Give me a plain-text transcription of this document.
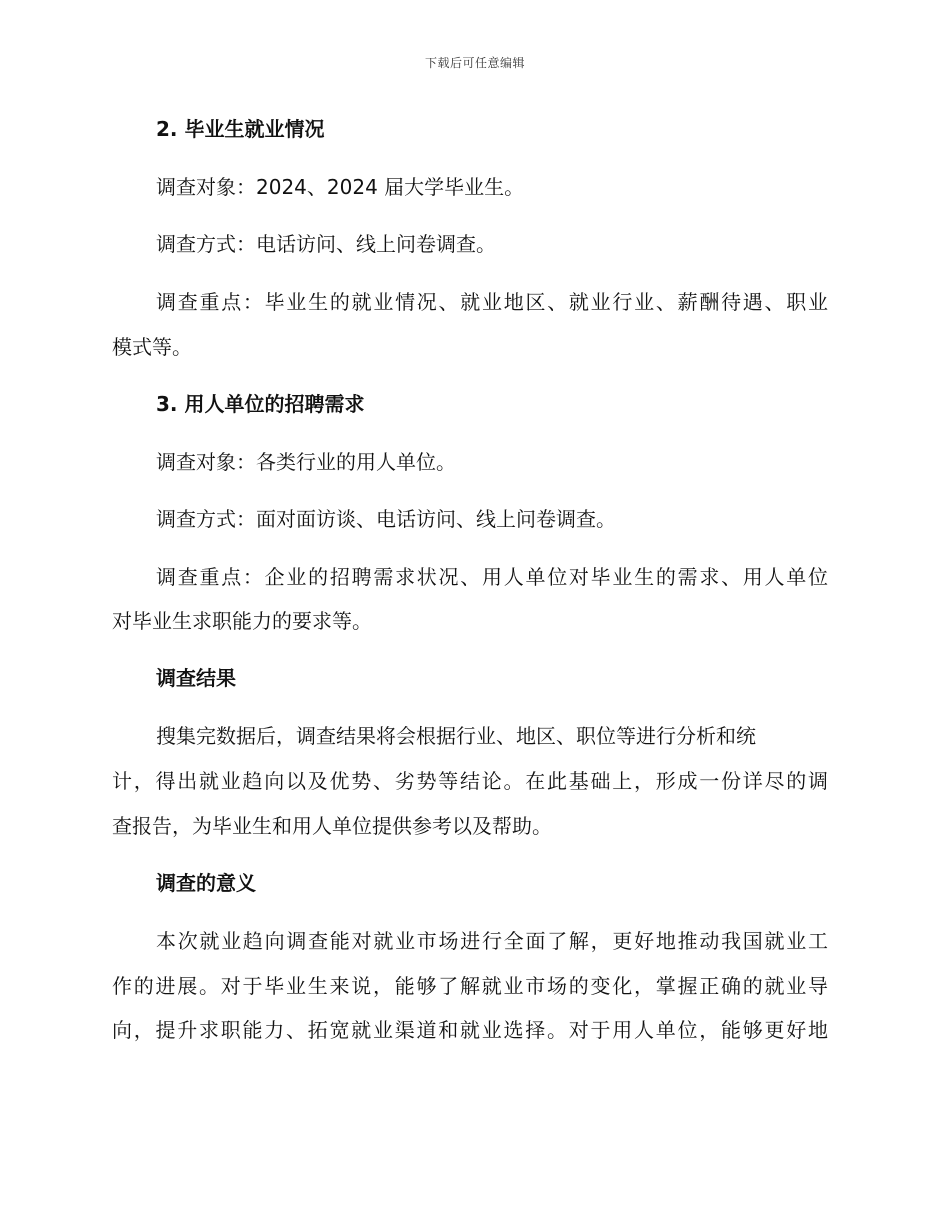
下载后可任意编辑
2. 毕业生就业情况
调查对象：2024、2024 届大学毕业生。
调查方式：电话访问、线上问卷调查。
调查重点：毕业生的就业情况、就业地区、就业行业、薪酬待遇、职业
模式等。
3. 用人单位的招聘需求
调查对象：各类行业的用人单位。
调查方式：面对面访谈、电话访问、线上问卷调查。
调查重点：企业的招聘需求状况、用人单位对毕业生的需求、用人单位
对毕业生求职能力的要求等。
调查结果
搜集完数据后，调查结果将会根据行业、地区、职位等进行分析和统
计，得出就业趋向以及优势、劣势等结论。在此基础上，形成一份详尽的调
查报告，为毕业生和用人单位提供参考以及帮助。
调查的意义
本次就业趋向调查能对就业市场进行全面了解，更好地推动我国就业工
作的进展。对于毕业生来说，能够了解就业市场的变化，掌握正确的就业导
向，提升求职能力、拓宽就业渠道和就业选择。对于用人单位，能够更好地
